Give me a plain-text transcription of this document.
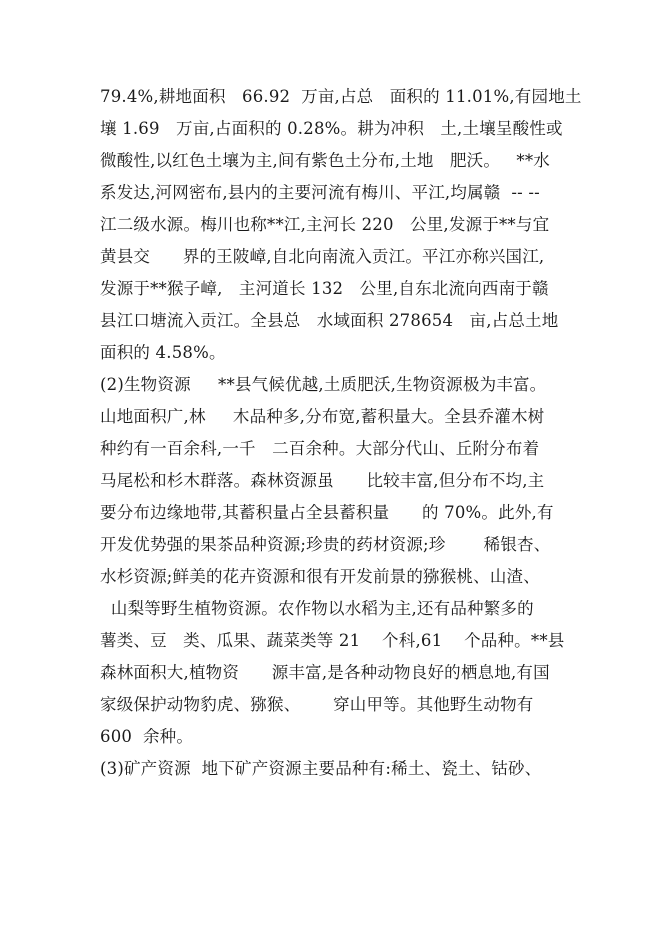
79.4%,耕地面积   66.92  万亩,占总   面积的 11.01%,有园地土
壤 1.69   万亩,占面积的 0.28%。耕为冲积   土,土壤呈酸性或
微酸性,以红色土壤为主,间有紫色土分布,土地   肥沃。   **水
系发达,河网密布,县内的主要河流有梅川、平江,均属赣  -- --
江二级水源。梅川也称**江,主河长 220   公里,发源于**与宜
黄县交      界的王陂嶂,自北向南流入贡江。平江亦称兴国江,
发源于**猴子嶂,   主河道长 132   公里,自东北流向西南于赣
县江口塘流入贡江。全县总   水域面积 278654   亩,占总土地
面积的 4.58%。
(2)生物资源     **县气候优越,土质肥沃,生物资源极为丰富。
山地面积广,林     木品种多,分布宽,蓄积量大。全县乔灌木树
种约有一百余科,一千   二百余种。大部分代山、丘附分布着
马尾松和杉木群落。森林资源虽      比较丰富,但分布不均,主
要分布边缘地带,其蓄积量占全县蓄积量      的 70%。此外,有
开发优势强的果茶品种资源;珍贵的药材资源;珍       稀银杏、
水杉资源;鲜美的花卉资源和很有开发前景的猕猴桃、山渣、
山梨等野生植物资源。农作物以水稻为主,还有品种繁多的
薯类、豆   类、瓜果、蔬菜类等 21    个科,61    个品种。**县
森林面积大,植物资      源丰富,是各种动物良好的栖息地,有国
家级保护动物豹虎、猕猴、      穿山甲等。其他野生动物有
600  余种。
(3)矿产资源  地下矿产资源主要品种有:稀土、瓷土、钴砂、
